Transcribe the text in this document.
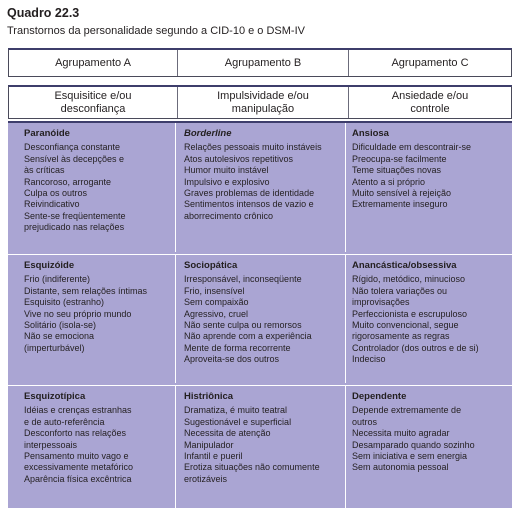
Quadro 22.3
Transtornos da personalidade segundo a CID-10 e o DSM-IV
Agrupamento A	Agrupamento B	Agrupamento C
Esquisitice e/ou
desconfiança
Impulsividade e/ou
manipulação
Ansiedade e/ou
controle
Paranóide
Desconfiança constante
Sensível às decepções e
às críticas
Rancoroso, arrogante
Culpa os outros
Reivindicativo
Sente-se freqüentemente
prejudicado nas relações
Borderline
Relações pessoais muito instáveis
Atos autolesivos repetitivos
Humor muito instável
Impulsivo e explosivo
Graves problemas de identidade
Sentimentos intensos de vazio e
aborrecimento crônico
Ansiosa
Dificuldade em descontrair-se
Preocupa-se facilmente
Teme situações novas
Atento a si próprio
Muito sensível à rejeição
Extremamente inseguro
Esquizóide
Frio (indiferente)
Distante, sem relações íntimas
Esquisito (estranho)
Vive no seu próprio mundo
Solitário (isola-se)
Não se emociona
(imperturbável)
Sociopática
Irresponsável, inconseqüente
Frio, insensível
Sem compaixão
Agressivo, cruel
Não sente culpa ou remorsos
Não aprende com a experiência
Mente de forma recorrente
Aproveita-se dos outros
Anancástica/obsessiva
Rígido, metódico, minucioso
Não tolera variações ou
improvisações
Perfeccionista e escrupuloso
Muito convencional, segue
rigorosamente as regras
Controlador (dos outros e de si)
Indeciso
Esquizotípica
Idéias e crenças estranhas
e de auto-referência
Desconforto nas relações
interpessoais
Pensamento muito vago e
excessivamente metafórico
Aparência física excêntrica
Histriônica
Dramatiza, é muito teatral
Sugestionável e superficial
Necessita de atenção
Manipulador
Infantil e pueril
Erotiza situações não comumente
erotizáveis
Dependente
Depende extremamente de
outros
Necessita muito agradar
Desamparado quando sozinho
Sem iniciativa e sem energia
Sem autonomia pessoal
